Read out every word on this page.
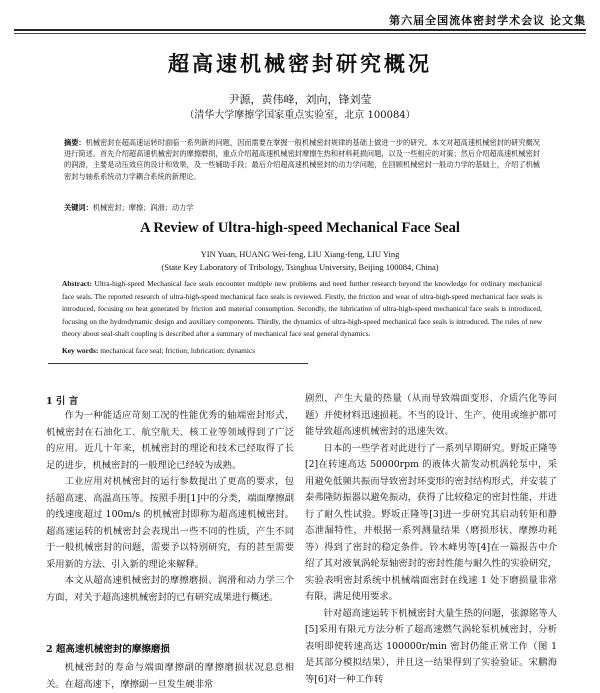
第六届全国流体密封学术会议 论文集
超高速机械密封研究概况
尹源，黄伟峰，刘向，锋刘莹
（清华大学摩擦学国家重点实验室，北京 100084）
摘要：机械密封在超高速运转时面临一系列新的问题，因而需要在掌握一般机械密封规律的基础上做进一步的研究。本文对超高速机械密封的研究概况进行简述。首先介绍超高速机械密封的摩擦磨损，重点介绍超高速机械密封摩擦生热和材料耗损问题，以及一些相应的对策；然后介绍超高速机械密封的润滑，主要是动压效应的设计和效果，及一些辅助手段；最后介绍超高速机械密封的动力学问题，在回顾机械密封一般动力学的基础上，介绍了机械密封与轴系系统动力学耦合系统的新理论。
关键词：机械密封；摩擦；润滑；动力学
A Review of Ultra-high-speed Mechanical Face Seal
YIN Yuan, HUANG Wei-feng, LIU Xiang-feng, LIU Ying
(State Key Laboratory of Tribology, Tsinghua University, Beijing 100084, China)
Abstract: Ultra-high-speed Mechanical face seals encounter multiple new problems and need further research beyond the knowledge for ordinary mechanical face seals. The reported research of ultra-high-speed mechanical face seals is reviewed. Firstly, the friction and wear of ultra-high-speed mechanical face seals is introduced, focusing on heat generated by friction and material consumption. Secondly, the lubrication of ultra-high-speed mechanical face seals is introduced, focusing on the hydrodynamic design and auxiliary components. Thirdly, the dynamics of ultra-high-speed mechanical face seals is introduced. The rules of new theory about seal-shaft coupling is described after a summary of mechanical face seal general dynamics.
Key words: mechanical face seal; friction; lubrication; dynamics
1 引 言

作为一种能适应苛刻工况的性能优秀的轴端密封形式，机械密封在石油化工、航空航天、核工业等领域得到了广泛的应用。近几十年来，机械密封的理论和技术已经取得了长足的进步，机械密封的一般理论已经较为成熟。

工业应用对机械密封的运行参数提出了更高的要求，包括超高速、高温高压等。按照手册[1]中的分类，端面摩擦副的线速度超过 100m/s 的机械密封即称为超高速机械密封。超高速运转的机械密封会表现出一些不同的性质，产生不同于一般机械密封的问题，需要予以特别研究，有的甚至需要采用新的方法、引入新的理论来解释。

本文从超高速机械密封的摩擦磨损、润滑和动力学三个方面，对关于超高速机械密封的已有研究成果进行概述。

2 超高速机械密封的摩擦磨损

机械密封的寿命与端面摩擦副的摩擦磨损状况息息相关。在超高速下，摩擦副一旦发生硬非常

剧烈，产生大量的热量（从而导致端面变形、介质汽化等问题）并使材料迅速损耗。不当的设计、生产、使用或维护都可能导致超高速机械密封的迅速失效。

日本的一些学者对此进行了一系列早期研究。野坂正隆等[2]在转速高达 50000rpm 的液体火箭发动机涡轮泵中，采用避免低频共振而导致密封环变形的密封结构形式，并安装了泰弗隆防振器以避免振动，获得了比较稳定的密封性能，并进行了耐久性试验。野坂正隆等[3]进一步研究其启动转矩和静态泄漏特性，并根据一系列测量结果（磨损形状、摩擦功耗等）得到了密封的稳定条件。铃木峰男等[4]在一篇报告中介绍了其对液氧涡轮泵轴密封的密封性能与耐久性的实验研究，实验表明密封系统中机械端面密封在线速 1 处下磨损量非常有限，满足使用要求。

针对超高速运转下机械密封大量生热的问题，张源铭等人[5]采用有限元方法分析了超高速燃气涡轮泵机械密封，分析表明即使转速高达 100000r/min 密封仍能正常工作（图 1 是其部分模拟结果），并且这一结果得到了实验验证。宋鹏海等[6]对一种工作转
